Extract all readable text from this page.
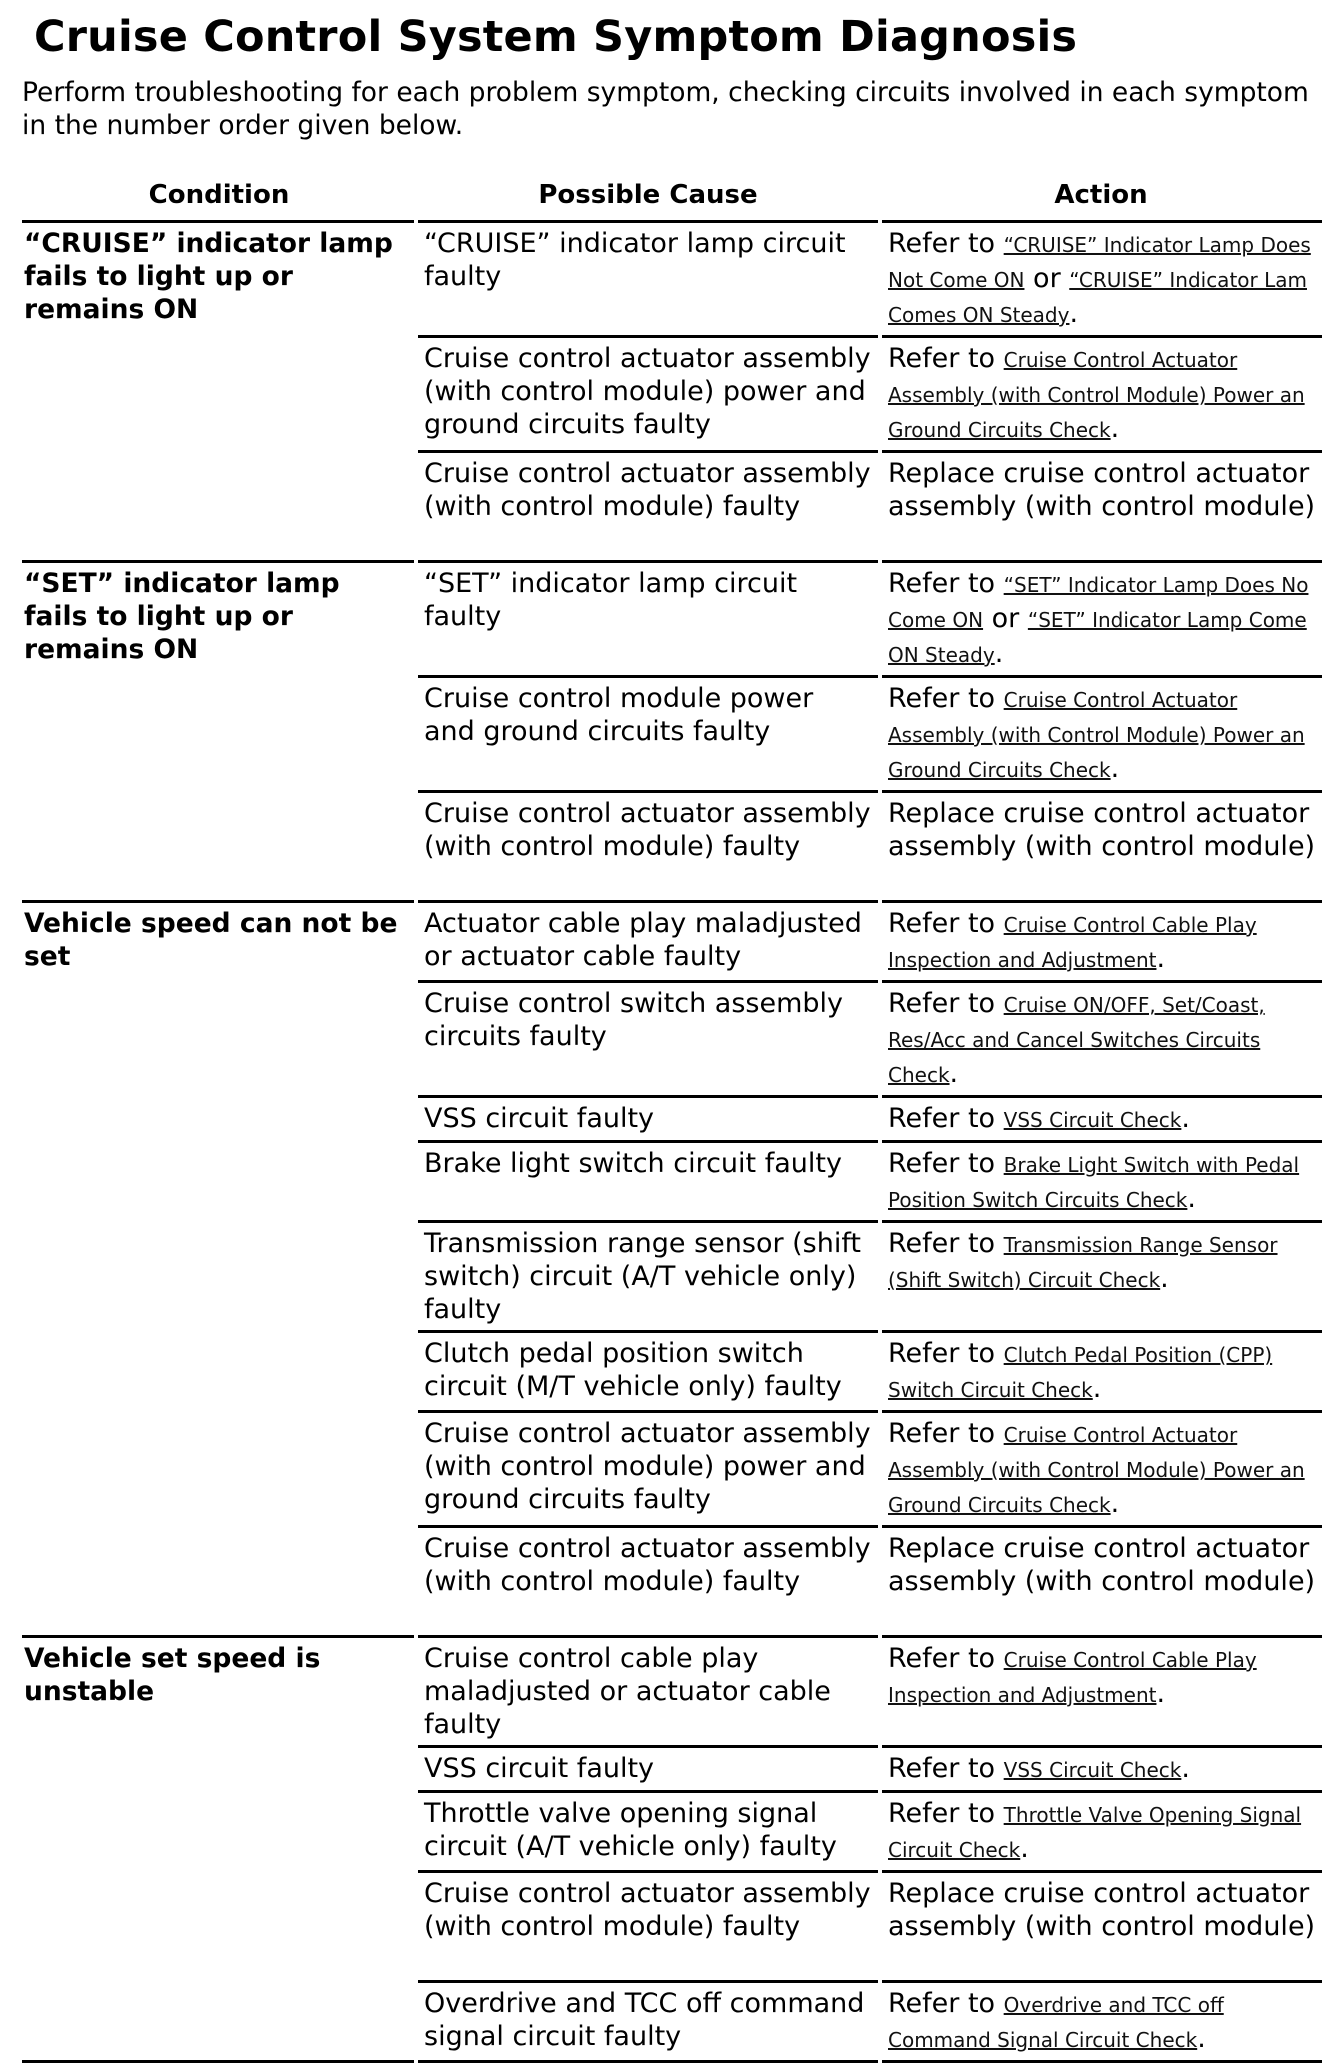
Cruise Control System Symptom Diagnosis
Perform troubleshooting for each problem symptom, checking circuits involved in each symptom in the number order given below.
Condition	Possible Cause	Action
“CRUISE” indicator lamp fails to light up or remains ON	“CRUISE” indicator lamp circuit faulty	Refer to “CRUISE” Indicator Lamp Does
Not Come ON or “CRUISE” Indicator Lam
Comes ON Steady.

	Cruise control actuator assembly (with control module) power and ground circuits faulty	Refer to Cruise Control Actuator
Assembly (with Control Module) Power an
Ground Circuits Check.

	Cruise control actuator assembly (with control module) faulty	Replace cruise control actuator
assembly (with control module)

“SET” indicator lamp fails to light up or remains ON	“SET” indicator lamp circuit faulty	Refer to “SET” Indicator Lamp Does No
Come ON or “SET” Indicator Lamp Come
ON Steady.

	Cruise control module power and ground circuits faulty	Refer to Cruise Control Actuator
Assembly (with Control Module) Power an
Ground Circuits Check.

	Cruise control actuator assembly (with control module) faulty	Replace cruise control actuator
assembly (with control module)

Vehicle speed can not be set	Actuator cable play maladjusted or actuator cable faulty	Refer to Cruise Control Cable Play
Inspection and Adjustment.

	Cruise control switch assembly circuits faulty	Refer to Cruise ON/OFF, Set/Coast,
Res/Acc and Cancel Switches Circuits
Check.

	VSS circuit faulty	Refer to VSS Circuit Check.

	Brake light switch circuit faulty	Refer to Brake Light Switch with Pedal
Position Switch Circuits Check.

	Transmission range sensor (shift switch) circuit (A/T vehicle only) faulty	Refer to Transmission Range Sensor
(Shift Switch) Circuit Check.

	Clutch pedal position switch circuit (M/T vehicle only) faulty	Refer to Clutch Pedal Position (CPP)
Switch Circuit Check.

	Cruise control actuator assembly (with control module) power and ground circuits faulty	Refer to Cruise Control Actuator
Assembly (with Control Module) Power an
Ground Circuits Check.

	Cruise control actuator assembly (with control module) faulty	Replace cruise control actuator
assembly (with control module)

Vehicle set speed is unstable	Cruise control cable play maladjusted or actuator cable faulty	Refer to Cruise Control Cable Play
Inspection and Adjustment.

	VSS circuit faulty	Refer to VSS Circuit Check.

	Throttle valve opening signal circuit (A/T vehicle only) faulty	Refer to Throttle Valve Opening Signal
Circuit Check.

	Cruise control actuator assembly (with control module) faulty	Replace cruise control actuator
assembly (with control module)

	Overdrive and TCC off command signal circuit faulty	Refer to Overdrive and TCC off
Command Signal Circuit Check.
